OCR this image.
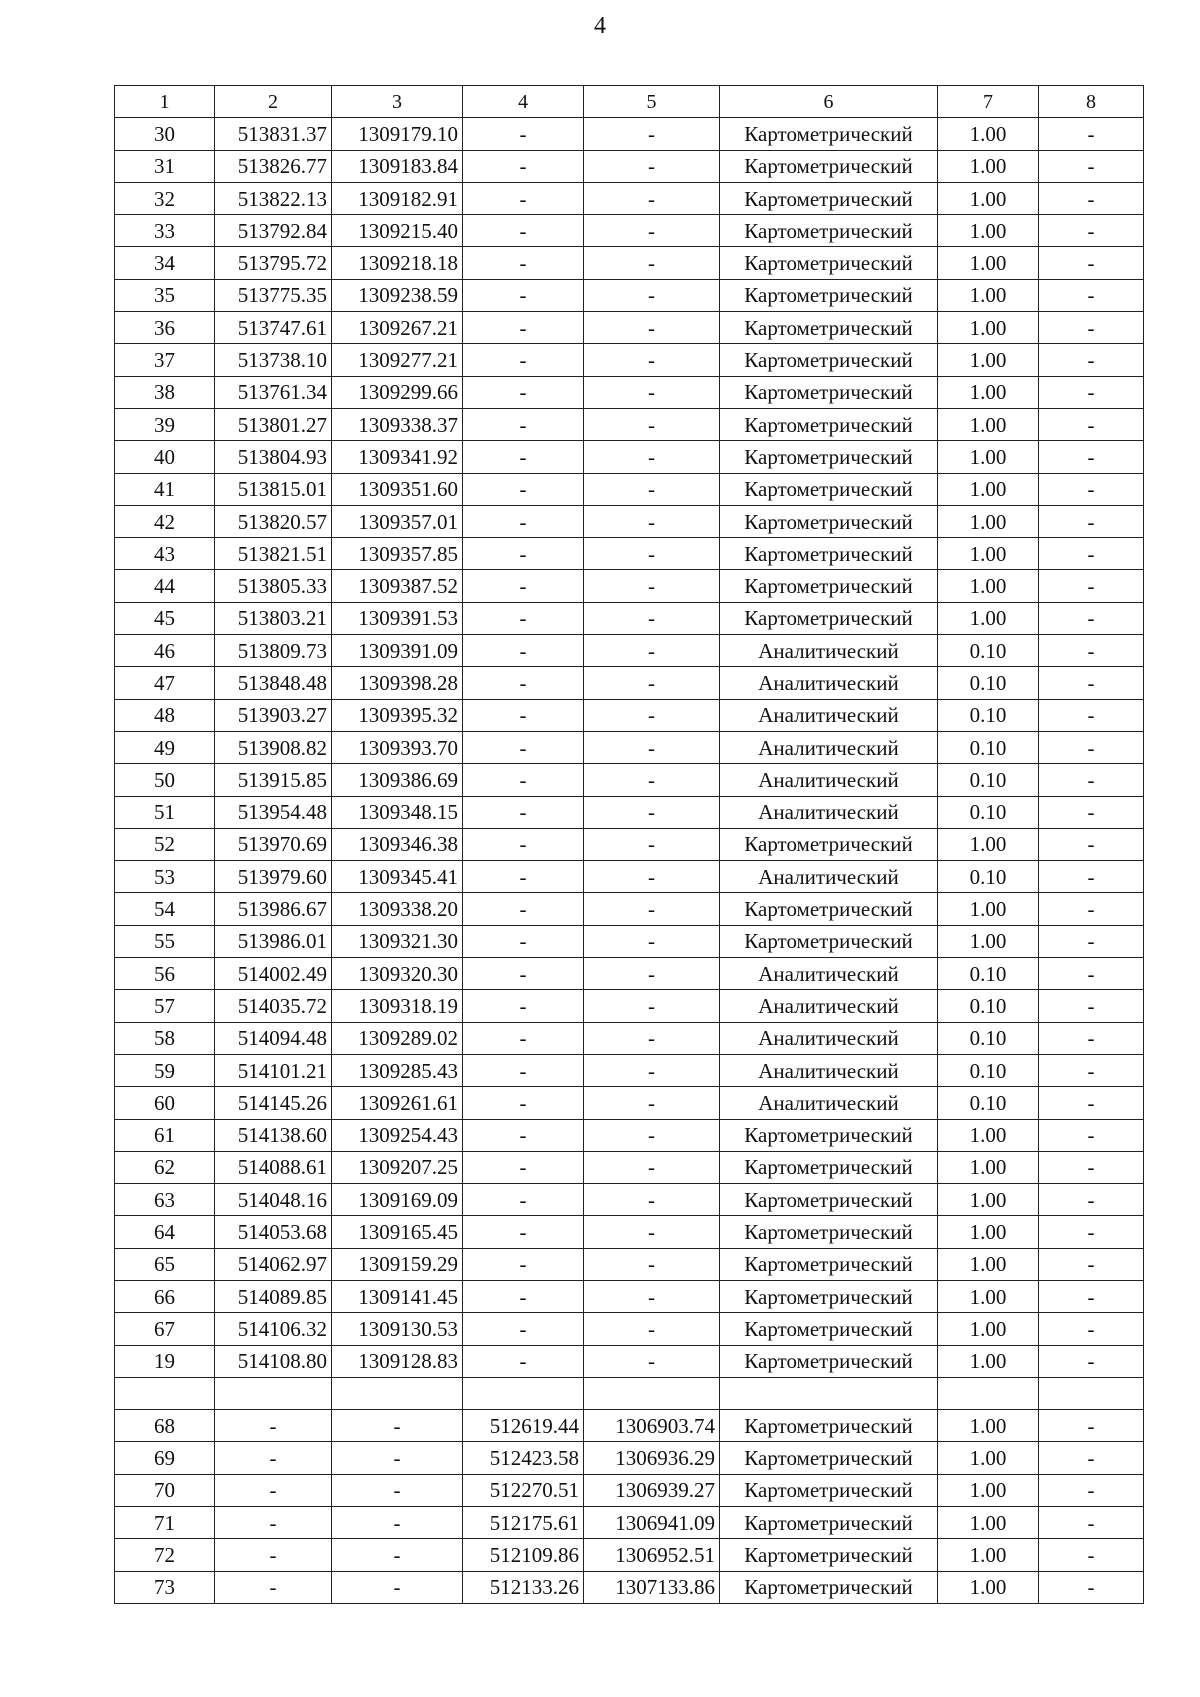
4
1	2	3	4	5	6	7	8
30	513831.37	1309179.10	-	-	Картометрический	1.00	-
31	513826.77	1309183.84	-	-	Картометрический	1.00	-
32	513822.13	1309182.91	-	-	Картометрический	1.00	-
33	513792.84	1309215.40	-	-	Картометрический	1.00	-
34	513795.72	1309218.18	-	-	Картометрический	1.00	-
35	513775.35	1309238.59	-	-	Картометрический	1.00	-
36	513747.61	1309267.21	-	-	Картометрический	1.00	-
37	513738.10	1309277.21	-	-	Картометрический	1.00	-
38	513761.34	1309299.66	-	-	Картометрический	1.00	-
39	513801.27	1309338.37	-	-	Картометрический	1.00	-
40	513804.93	1309341.92	-	-	Картометрический	1.00	-
41	513815.01	1309351.60	-	-	Картометрический	1.00	-
42	513820.57	1309357.01	-	-	Картометрический	1.00	-
43	513821.51	1309357.85	-	-	Картометрический	1.00	-
44	513805.33	1309387.52	-	-	Картометрический	1.00	-
45	513803.21	1309391.53	-	-	Картометрический	1.00	-
46	513809.73	1309391.09	-	-	Аналитический	0.10	-
47	513848.48	1309398.28	-	-	Аналитический	0.10	-
48	513903.27	1309395.32	-	-	Аналитический	0.10	-
49	513908.82	1309393.70	-	-	Аналитический	0.10	-
50	513915.85	1309386.69	-	-	Аналитический	0.10	-
51	513954.48	1309348.15	-	-	Аналитический	0.10	-
52	513970.69	1309346.38	-	-	Картометрический	1.00	-
53	513979.60	1309345.41	-	-	Аналитический	0.10	-
54	513986.67	1309338.20	-	-	Картометрический	1.00	-
55	513986.01	1309321.30	-	-	Картометрический	1.00	-
56	514002.49	1309320.30	-	-	Аналитический	0.10	-
57	514035.72	1309318.19	-	-	Аналитический	0.10	-
58	514094.48	1309289.02	-	-	Аналитический	0.10	-
59	514101.21	1309285.43	-	-	Аналитический	0.10	-
60	514145.26	1309261.61	-	-	Аналитический	0.10	-
61	514138.60	1309254.43	-	-	Картометрический	1.00	-
62	514088.61	1309207.25	-	-	Картометрический	1.00	-
63	514048.16	1309169.09	-	-	Картометрический	1.00	-
64	514053.68	1309165.45	-	-	Картометрический	1.00	-
65	514062.97	1309159.29	-	-	Картометрический	1.00	-
66	514089.85	1309141.45	-	-	Картометрический	1.00	-
67	514106.32	1309130.53	-	-	Картометрический	1.00	-
19	514108.80	1309128.83	-	-	Картометрический	1.00	-

68	-	-	512619.44	1306903.74	Картометрический	1.00	-
69	-	-	512423.58	1306936.29	Картометрический	1.00	-
70	-	-	512270.51	1306939.27	Картометрический	1.00	-
71	-	-	512175.61	1306941.09	Картометрический	1.00	-
72	-	-	512109.86	1306952.51	Картометрический	1.00	-
73	-	-	512133.26	1307133.86	Картометрический	1.00	-
